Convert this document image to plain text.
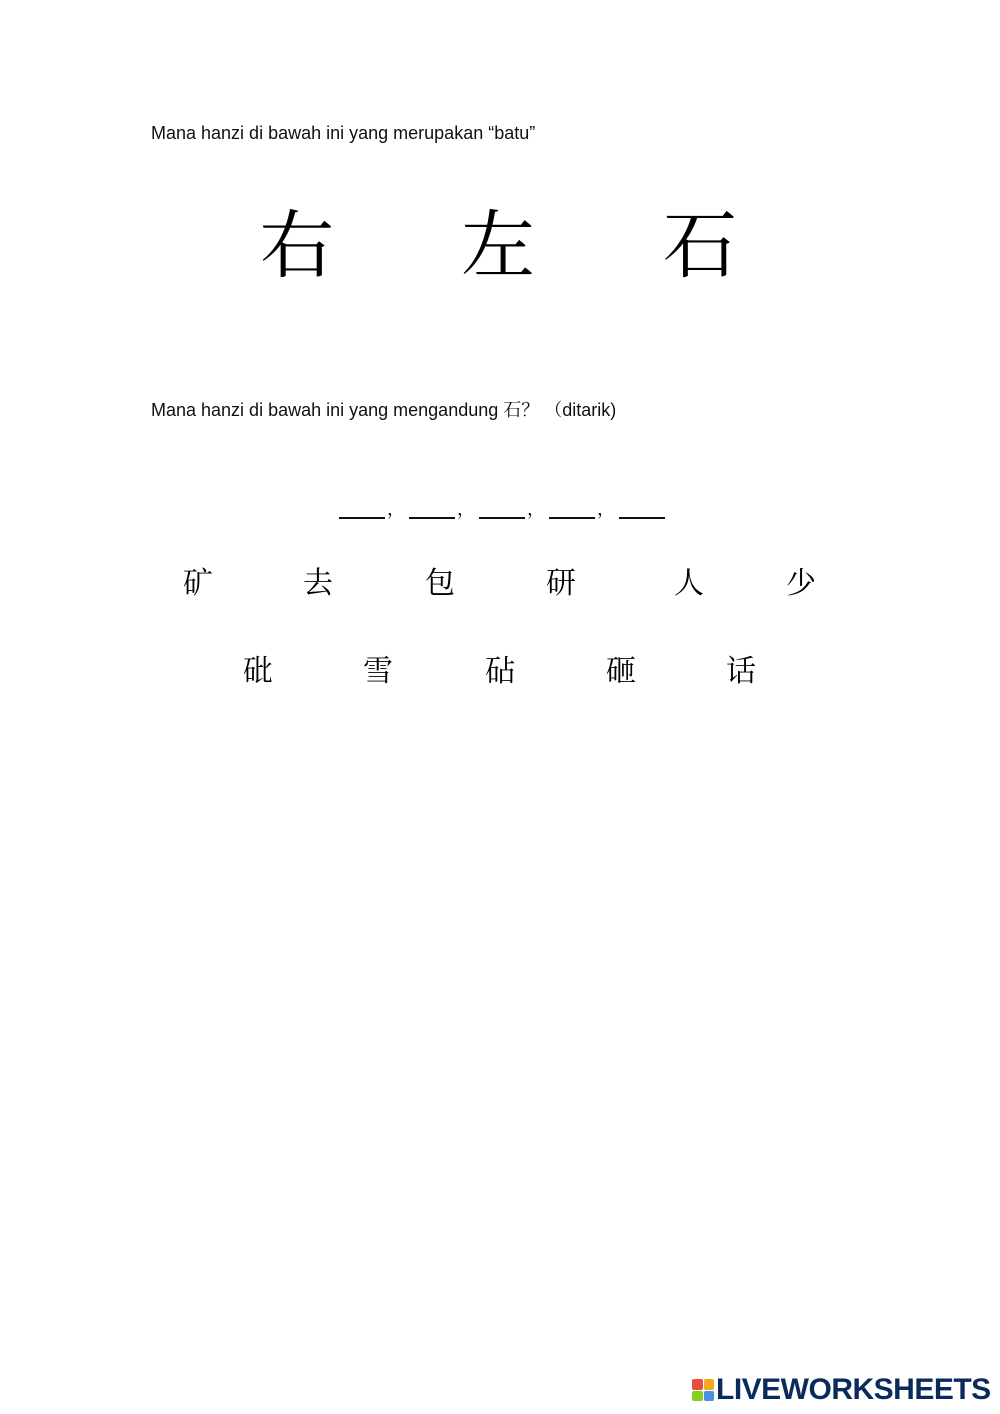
Mana hanzi di bawah ini yang merupakan “batu”
右 左 石
Mana hanzi di bawah ini yang mengandung 石？ （ditarik)
，	，	，	，
矿	去	包	研	人	少
砒	雪	砧	砸	话
LIVEWORKSHEETS
